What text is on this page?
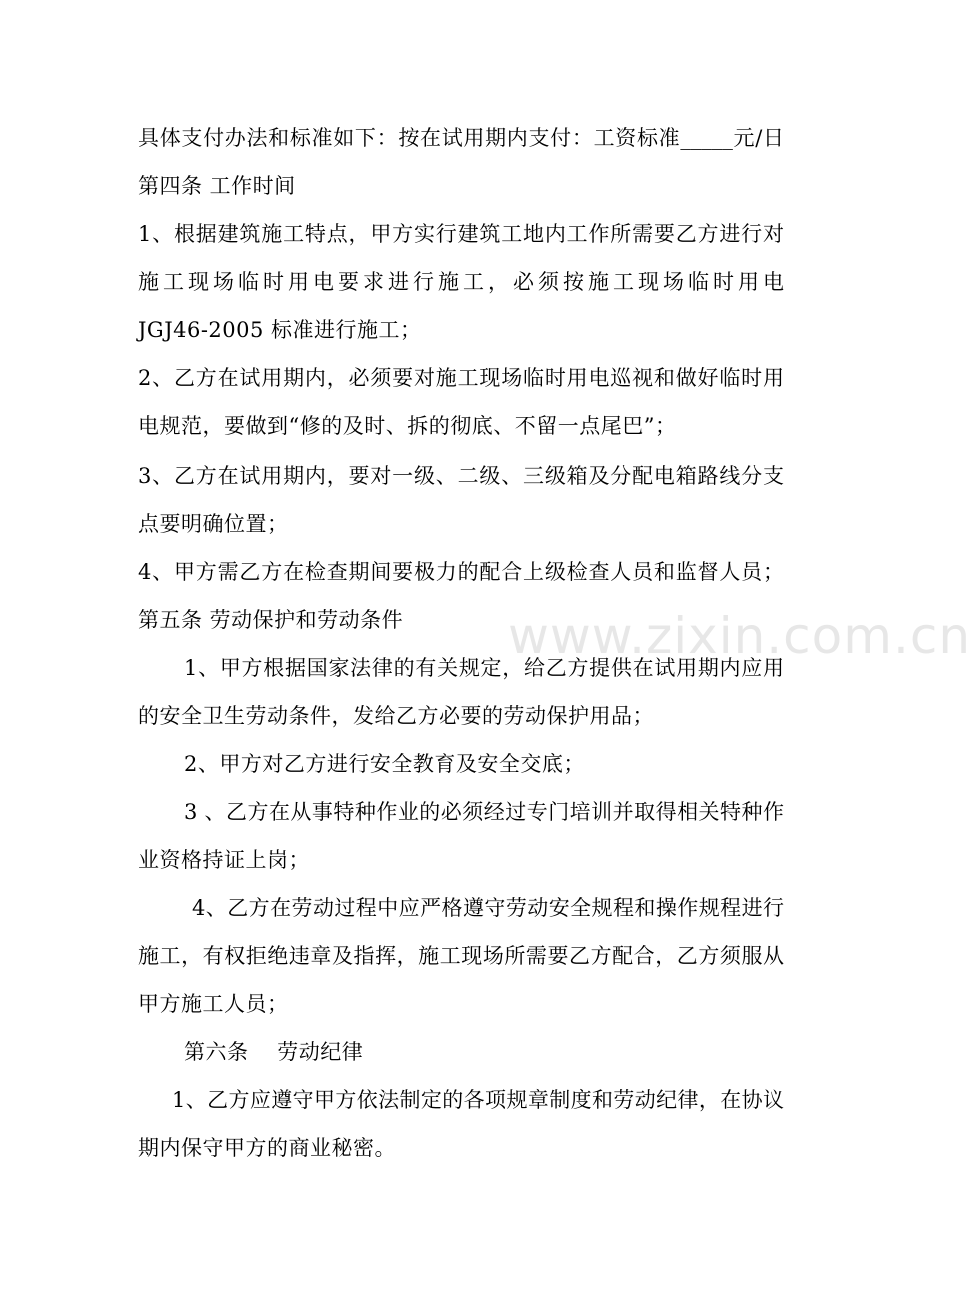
具体支付办法和标准如下：按在试用期内支付：工资标准_____元/日
第四条 工作时间
1、根据建筑施工特点，甲方实行建筑工地内工作所需要乙方进行对
施工现场临时用电要求进行施工，必须按施工现场临时用电
JGJ46-2005 标准进行施工；
2、乙方在试用期内，必须要对施工现场临时用电巡视和做好临时用
电规范，要做到“修的及时、拆的彻底、不留一点尾巴”；
3、乙方在试用期内，要对一级、二级、三级箱及分配电箱路线分支
点要明确位置；
4、甲方需乙方在检查期间要极力的配合上级检查人员和监督人员；
第五条 劳动保护和劳动条件
1、甲方根据国家法律的有关规定，给乙方提供在试用期内应用
的安全卫生劳动条件，发给乙方必要的劳动保护用品；
2、甲方对乙方进行安全教育及安全交底；
3 、乙方在从事特种作业的必须经过专门培训并取得相关特种作
业资格持证上岗；
4、乙方在劳动过程中应严格遵守劳动安全规程和操作规程进行
施工，有权拒绝违章及指挥，施工现场所需要乙方配合，乙方须服从
甲方施工人员；
第六条    劳动纪律
1、乙方应遵守甲方依法制定的各项规章制度和劳动纪律，在协议
期内保守甲方的商业秘密。
www.zixin.com.cn
